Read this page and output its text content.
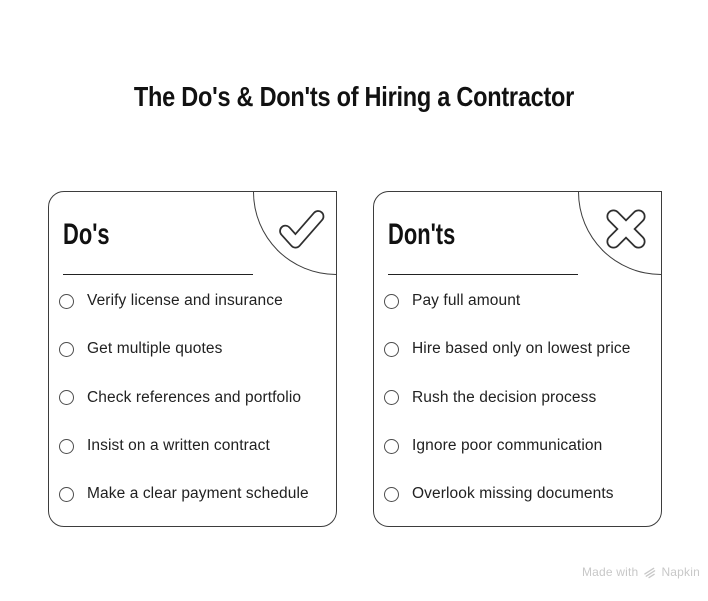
The Do's & Don'ts of Hiring a Contractor
Do's
Verify license and insurance
Get multiple quotes
Check references and portfolio
Insist on a written contract
Make a clear payment schedule
Don'ts
Pay full amount
Hire based only on lowest price
Rush the decision process
Ignore poor communication
Overlook missing documents
Made with Napkin
